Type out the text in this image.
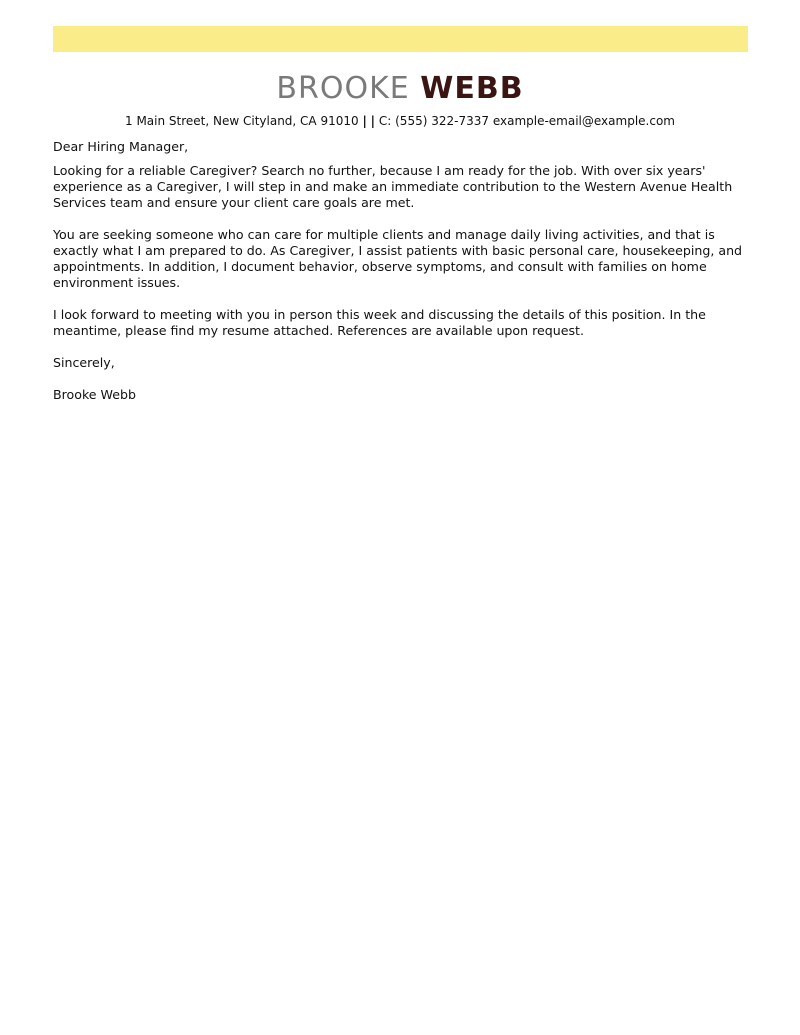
BROOKE WEBB
1 Main Street, New Cityland, CA 91010 | | C: (555) 322-7337 example-email@example.com

Dear Hiring Manager,

Looking for a reliable Caregiver? Search no further, because I am ready for the job. With over six years' experience as a Caregiver, I will step in and make an immediate contribution to the Western Avenue Health Services team and ensure your client care goals are met.

You are seeking someone who can care for multiple clients and manage daily living activities, and that is exactly what I am prepared to do. As Caregiver, I assist patients with basic personal care, housekeeping, and appointments. In addition, I document behavior, observe symptoms, and consult with families on home environment issues.

I look forward to meeting with you in person this week and discussing the details of this position. In the meantime, please find my resume attached. References are available upon request.

Sincerely,

Brooke Webb
